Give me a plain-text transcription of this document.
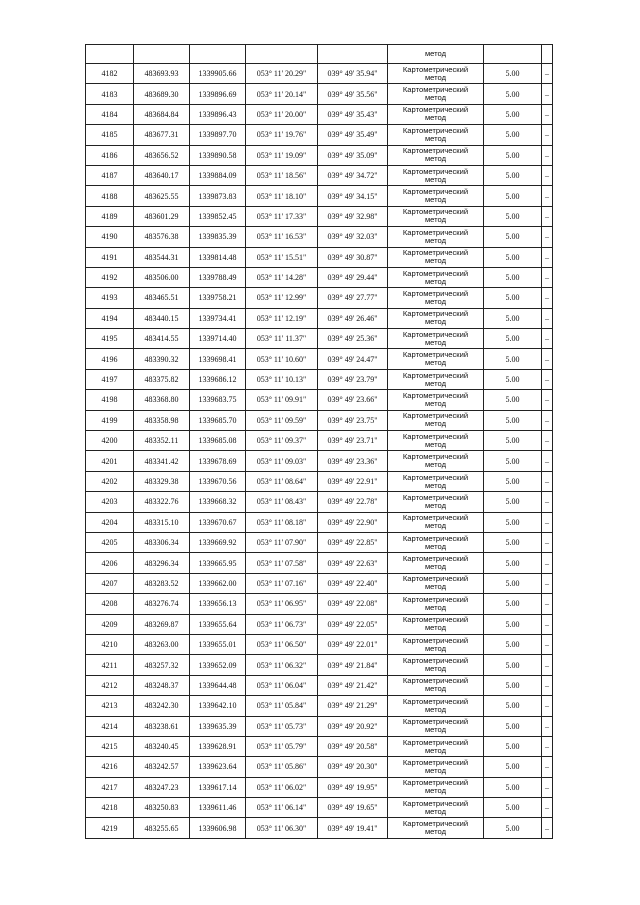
					метод		
4182	483693.93	1339905.66	053° 11' 20.29"	039° 49' 35.94"	Картометрический
метод	5.00	–
4183	483689.30	1339896.69	053° 11' 20.14"	039° 49' 35.56"	Картометрический
метод	5.00	–
4184	483684.84	1339896.43	053° 11' 20.00"	039° 49' 35.43"	Картометрический
метод	5.00	–
4185	483677.31	1339897.70	053° 11' 19.76"	039° 49' 35.49"	Картометрический
метод	5.00	–
4186	483656.52	1339890.58	053° 11' 19.09"	039° 49' 35.09"	Картометрический
метод	5.00	–
4187	483640.17	1339884.09	053° 11' 18.56"	039° 49' 34.72"	Картометрический
метод	5.00	–
4188	483625.55	1339873.83	053° 11' 18.10"	039° 49' 34.15"	Картометрический
метод	5.00	–
4189	483601.29	1339852.45	053° 11' 17.33"	039° 49' 32.98"	Картометрический
метод	5.00	–
4190	483576.38	1339835.39	053° 11' 16.53"	039° 49' 32.03"	Картометрический
метод	5.00	–
4191	483544.31	1339814.48	053° 11' 15.51"	039° 49' 30.87"	Картометрический
метод	5.00	–
4192	483506.00	1339788.49	053° 11' 14.28"	039° 49' 29.44"	Картометрический
метод	5.00	–
4193	483465.51	1339758.21	053° 11' 12.99"	039° 49' 27.77"	Картометрический
метод	5.00	–
4194	483440.15	1339734.41	053° 11' 12.19"	039° 49' 26.46"	Картометрический
метод	5.00	–
4195	483414.55	1339714.40	053° 11' 11.37"	039° 49' 25.36"	Картометрический
метод	5.00	–
4196	483390.32	1339698.41	053° 11' 10.60"	039° 49' 24.47"	Картометрический
метод	5.00	–
4197	483375.82	1339686.12	053° 11' 10.13"	039° 49' 23.79"	Картометрический
метод	5.00	–
4198	483368.80	1339683.75	053° 11' 09.91"	039° 49' 23.66"	Картометрический
метод	5.00	–
4199	483358.98	1339685.70	053° 11' 09.59"	039° 49' 23.75"	Картометрический
метод	5.00	–
4200	483352.11	1339685.08	053° 11' 09.37"	039° 49' 23.71"	Картометрический
метод	5.00	–
4201	483341.42	1339678.69	053° 11' 09.03"	039° 49' 23.36"	Картометрический
метод	5.00	–
4202	483329.38	1339670.56	053° 11' 08.64"	039° 49' 22.91"	Картометрический
метод	5.00	–
4203	483322.76	1339668.32	053° 11' 08.43"	039° 49' 22.78"	Картометрический
метод	5.00	–
4204	483315.10	1339670.67	053° 11' 08.18"	039° 49' 22.90"	Картометрический
метод	5.00	–
4205	483306.34	1339669.92	053° 11' 07.90"	039° 49' 22.85"	Картометрический
метод	5.00	–
4206	483296.34	1339665.95	053° 11' 07.58"	039° 49' 22.63"	Картометрический
метод	5.00	–
4207	483283.52	1339662.00	053° 11' 07.16"	039° 49' 22.40"	Картометрический
метод	5.00	–
4208	483276.74	1339656.13	053° 11' 06.95"	039° 49' 22.08"	Картометрический
метод	5.00	–
4209	483269.87	1339655.64	053° 11' 06.73"	039° 49' 22.05"	Картометрический
метод	5.00	–
4210	483263.00	1339655.01	053° 11' 06.50"	039° 49' 22.01"	Картометрический
метод	5.00	–
4211	483257.32	1339652.09	053° 11' 06.32"	039° 49' 21.84"	Картометрический
метод	5.00	–
4212	483248.37	1339644.48	053° 11' 06.04"	039° 49' 21.42"	Картометрический
метод	5.00	–
4213	483242.30	1339642.10	053° 11' 05.84"	039° 49' 21.29"	Картометрический
метод	5.00	–
4214	483238.61	1339635.39	053° 11' 05.73"	039° 49' 20.92"	Картометрический
метод	5.00	–
4215	483240.45	1339628.91	053° 11' 05.79"	039° 49' 20.58"	Картометрический
метод	5.00	–
4216	483242.57	1339623.64	053° 11' 05.86"	039° 49' 20.30"	Картометрический
метод	5.00	–
4217	483247.23	1339617.14	053° 11' 06.02"	039° 49' 19.95"	Картометрический
метод	5.00	–
4218	483250.83	1339611.46	053° 11' 06.14"	039° 49' 19.65"	Картометрический
метод	5.00	–
4219	483255.65	1339606.98	053° 11' 06.30"	039° 49' 19.41"	Картометрический
метод	5.00	–
